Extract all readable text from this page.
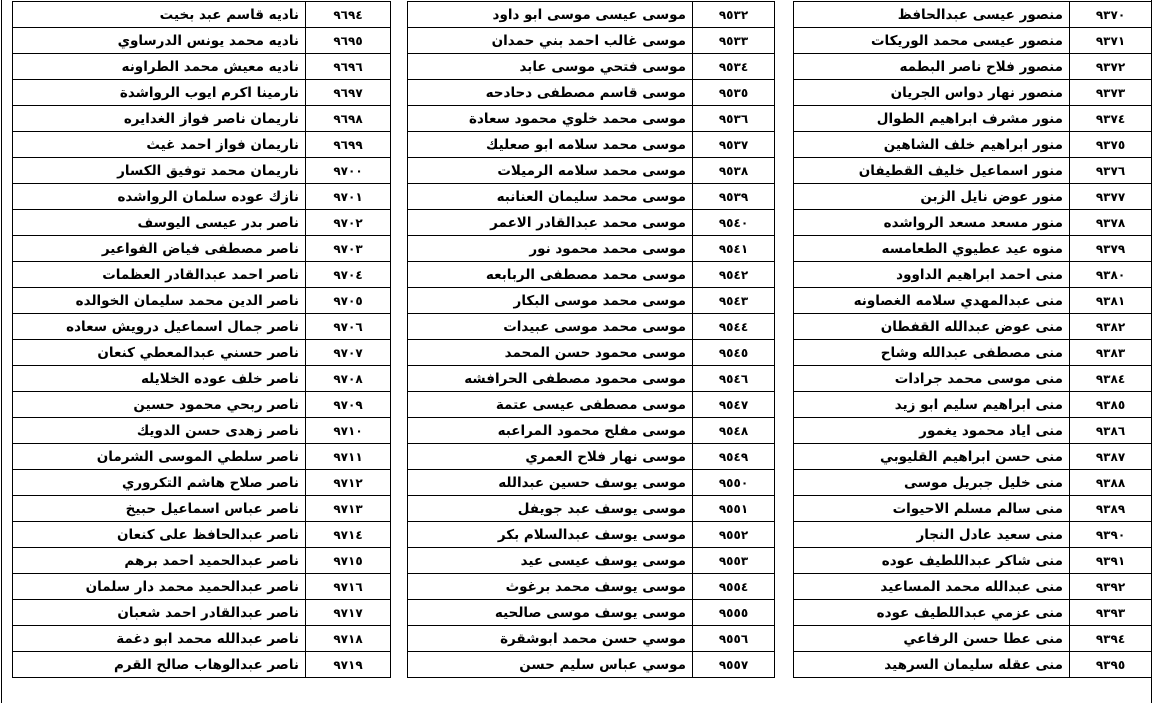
٩٣٧٠	منصور عيسى عبدالحافظ
٩٣٧١	منصور عيسى محمد الوريكات
٩٣٧٢	منصور فلاح ناصر البطمه
٩٣٧٣	منصور نهار دواس الجريان
٩٣٧٤	منور مشرف ابراهيم الطوال
٩٣٧٥	منور ابراهيم خلف الشاهين
٩٣٧٦	منور اسماعيل خليف القطيفان
٩٣٧٧	منور عوض نايل الزبن
٩٣٧٨	منور مسعد مسعد الرواشده
٩٣٧٩	منوه عيد عطيوي الطعامسه
٩٣٨٠	منى احمد ابراهيم الداوود
٩٣٨١	منى عبدالمهدي سلامه الغصاونه
٩٣٨٢	منى عوض عبدالله القفطان
٩٣٨٣	منى مصطفى عبدالله وشاح
٩٣٨٤	منى موسى محمد جرادات
٩٣٨٥	منى ابراهيم سليم ابو زيد
٩٣٨٦	منى اياد محمود يغمور
٩٣٨٧	منى حسن ابراهيم القليوبي
٩٣٨٨	منى خليل جبريل موسى
٩٣٨٩	منى سالم مسلم الاحيوات
٩٣٩٠	منى سعيد عادل النجار
٩٣٩١	منى شاكر عبداللطيف عوده
٩٣٩٢	منى عبدالله محمد المساعيد
٩٣٩٣	منى عزمي عبداللطيف عوده
٩٣٩٤	منى عطا حسن الرفاعي
٩٣٩٥	منى عقله سليمان السرهيد
٩٥٣٢	موسى عيسى موسى ابو داود
٩٥٣٣	موسى غالب احمد بني حمدان
٩٥٣٤	موسى فتحي موسى عابد
٩٥٣٥	موسى قاسم مصطفى دحادحه
٩٥٣٦	موسى محمد خلوي محمود سعادة
٩٥٣٧	موسى محمد سلامه ابو صعليك
٩٥٣٨	موسى محمد سلامه الرميلات
٩٥٣٩	موسى محمد سليمان العنانبه
٩٥٤٠	موسى محمد عبدالقادر الاعمر
٩٥٤١	موسى محمد محمود نور
٩٥٤٢	موسى محمد مصطفى الربابعه
٩٥٤٣	موسى محمد موسى البكار
٩٥٤٤	موسى محمد موسى عبيدات
٩٥٤٥	موسى محمود حسن المحمد
٩٥٤٦	موسى محمود مصطفى الحرافشه
٩٥٤٧	موسى مصطفى عيسى عتمة
٩٥٤٨	موسى مفلح محمود المراعبه
٩٥٤٩	موسى نهار فلاح العمري
٩٥٥٠	موسى يوسف حسين عبدالله
٩٥٥١	موسى يوسف عبد جويفل
٩٥٥٢	موسى يوسف عبدالسلام بكر
٩٥٥٣	موسى يوسف عيسى عيد
٩٥٥٤	موسى يوسف محمد برغوث
٩٥٥٥	موسى يوسف موسى صالحيه
٩٥٥٦	موسي حسن محمد ابوشقرة
٩٥٥٧	موسي عباس سليم حسن
٩٦٩٤	ناديه قاسم عبد بخيت
٩٦٩٥	ناديه محمد يونس الدرساوي
٩٦٩٦	ناديه معيش محمد الطراونه
٩٦٩٧	نارمينا اكرم ايوب الرواشدة
٩٦٩٨	ناريمان ناصر فواز الغدايره
٩٦٩٩	ناريمان فواز احمد غيث
٩٧٠٠	ناريمان محمد توفيق الكسار
٩٧٠١	نازك عوده سلمان الرواشده
٩٧٠٢	ناصر بدر عيسى اليوسف
٩٧٠٣	ناصر مصطفى فياض الفواعير
٩٧٠٤	ناصر احمد عبدالقادر العظمات
٩٧٠٥	ناصر الدين محمد سليمان الخوالده
٩٧٠٦	ناصر جمال اسماعيل درويش سعاده
٩٧٠٧	ناصر حسني عبدالمعطي كنعان
٩٧٠٨	ناصر خلف عوده الخلايله
٩٧٠٩	ناصر ربحي محمود حسين
٩٧١٠	ناصر زهدى حسن الدويك
٩٧١١	ناصر سلطي الموسى الشرمان
٩٧١٢	ناصر صلاح هاشم التكروري
٩٧١٣	ناصر عباس اسماعيل حبيخ
٩٧١٤	ناصر عبدالحافظ على كنعان
٩٧١٥	ناصر عبدالحميد احمد برهم
٩٧١٦	ناصر عبدالحميد محمد دار سلمان
٩٧١٧	ناصر عبدالقادر احمد شعبان
٩٧١٨	ناصر عبدالله محمد ابو دغمة
٩٧١٩	ناصر عبدالوهاب صالح القرم
